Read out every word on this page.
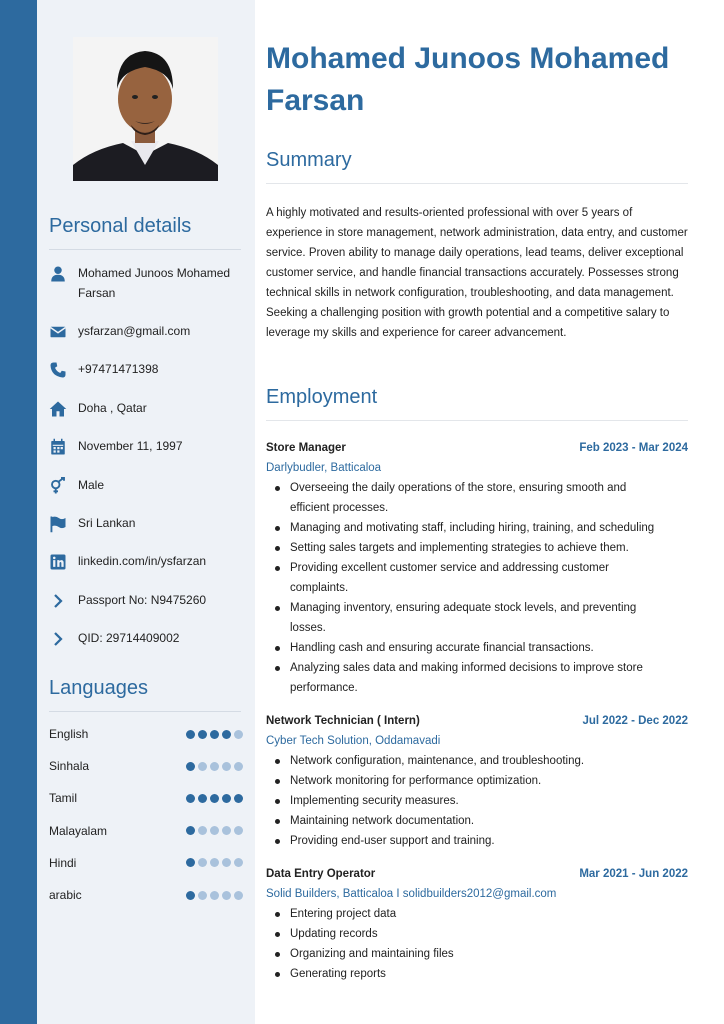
Personal details
Mohamed Junoos Mohamed Farsan
ysfarzan@gmail.com
+97471471398
Doha , Qatar
November 11, 1997
Male
Sri Lankan
linkedin.com/in/ysfarzan
Passport No: N9475260
QID: 29714409002
Languages
English
Sinhala
Tamil
Malayalam
Hindi
arabic
Mohamed Junoos Mohamed Farsan
Summary
A highly motivated and results-oriented professional with over 5 years of experience in store management, network administration, data entry, and customer service. Proven ability to manage daily operations, lead teams, deliver exceptional customer service, and handle financial transactions accurately. Possesses strong technical skills in network configuration, troubleshooting, and data management. Seeking a challenging position with growth potential and a competitive salary to leverage my skills and experience for career advancement.
Employment
Store Manager	Feb 2023 - Mar 2024
Darlybudler, Batticaloa
Overseeing the daily operations of the store, ensuring smooth and efficient processes.
Managing and motivating staff, including hiring, training, and scheduling
Setting sales targets and implementing strategies to achieve them.
Providing excellent customer service and addressing customer complaints.
Managing inventory, ensuring adequate stock levels, and preventing losses.
Handling cash and ensuring accurate financial transactions.
Analyzing sales data and making informed decisions to improve store performance.
Network Technician ( Intern)	Jul 2022 - Dec 2022
Cyber Tech Solution, Oddamavadi
Network configuration, maintenance, and troubleshooting.
Network monitoring for performance optimization.
Implementing security measures.
Maintaining network documentation.
Providing end-user support and training.
Data Entry Operator	Mar 2021 - Jun 2022
Solid Builders, Batticaloa I solidbuilders2012@gmail.com
Entering project data
Updating records
Organizing and maintaining files
Generating reports
